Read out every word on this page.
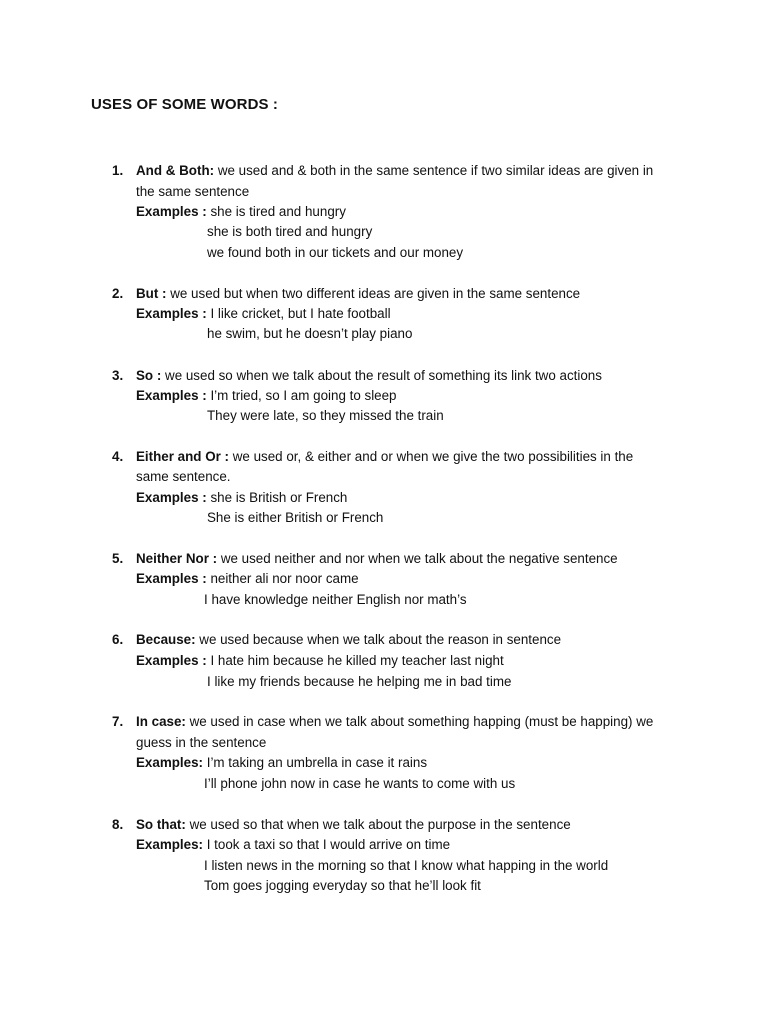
USES OF SOME WORDS :
1. And & Both: we used and & both in the same sentence if two similar ideas are given in
the same sentence
Examples : she is tired and hungry
she is both tired and hungry
we found both in our tickets and our money
2. But : we used but when two different ideas are given in the same sentence
Examples : I like cricket, but I hate football
he swim, but he doesn’t play piano
3. So : we used so when we talk about the result of something its link two actions
Examples : I’m tried, so I am going to sleep
They were late, so they missed the train
4. Either and Or : we used or, & either and or when we give the two possibilities in the
same sentence.
Examples : she is British or French
She is either British or French
5. Neither Nor : we used neither and nor when we talk about the negative sentence
Examples : neither ali nor noor came
I have knowledge neither English nor math’s
6. Because: we used because when we talk about the reason in sentence
Examples : I hate him because he killed my teacher last night
I like my friends because he helping me in bad time
7. In case: we used in case when we talk about something happing (must be happing) we
guess in the sentence
Examples: I’m taking an umbrella in case it rains
I’ll phone john now in case he wants to come with us
8. So that: we used so that when we talk about the purpose in the sentence
Examples: I took a taxi so that I would arrive on time
I listen news in the morning so that I know what happing in the world
Tom goes jogging everyday so that he’ll look fit
